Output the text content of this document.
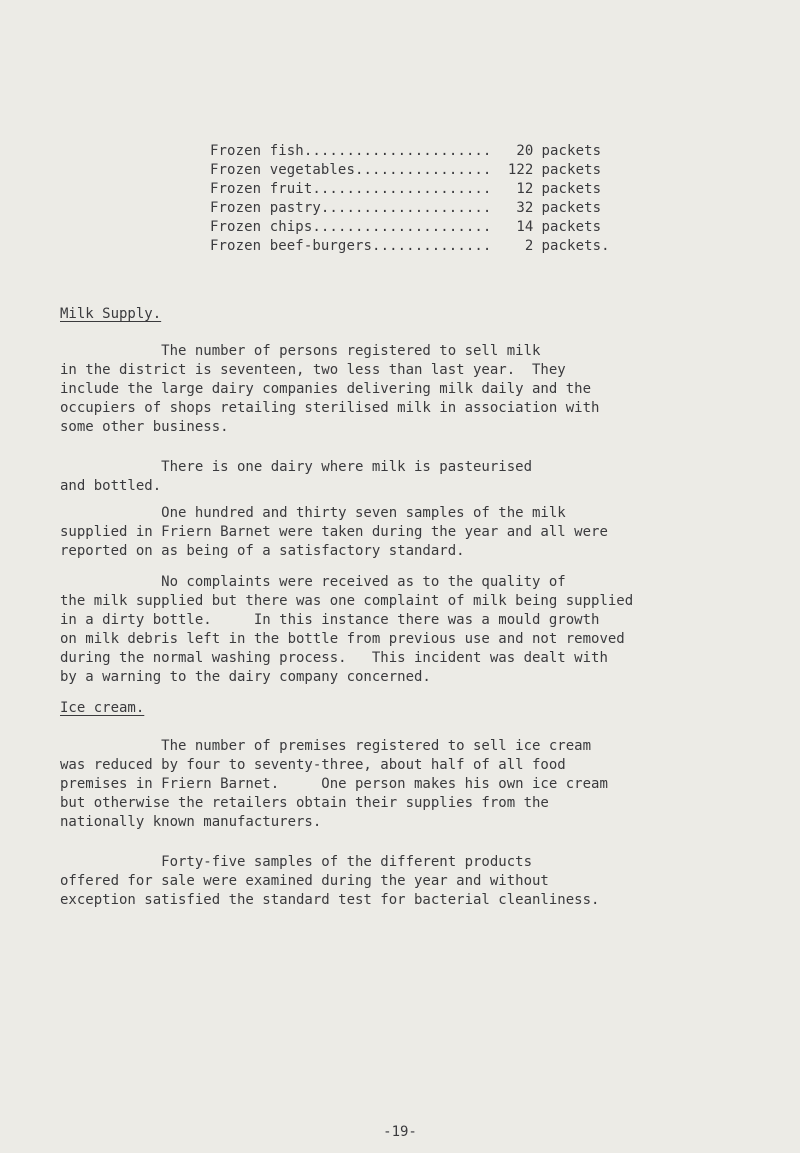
Frozen fish ......................	20 packets
Frozen vegetables ................	122 packets
Frozen fruit .....................	12 packets
Frozen pastry ....................	32 packets
Frozen chips .....................	14 packets
Frozen beef-burgers ..............	2 packets.
Milk Supply.
The number of persons registered to sell milk
in the district is seventeen, two less than last year.  They
include the large dairy companies delivering milk daily and the
occupiers of shops retailing sterilised milk in association with
some other business.
There is one dairy where milk is pasteurised
and bottled.
One hundred and thirty seven samples of the milk
supplied in Friern Barnet were taken during the year and all were
reported on as being of a satisfactory standard.
No complaints were received as to the quality of
the milk supplied but there was one complaint of milk being supplied
in a dirty bottle.     In this instance there was a mould growth
on milk debris left in the bottle from previous use and not removed
during the normal washing process.   This incident was dealt with
by a warning to the dairy company concerned.
Ice cream.
The number of premises registered to sell ice cream
was reduced by four to seventy-three, about half of all food
premises in Friern Barnet.     One person makes his own ice cream
but otherwise the retailers obtain their supplies from the
nationally known manufacturers.
Forty-five samples of the different products
offered for sale were examined during the year and without
exception satisfied the standard test for bacterial cleanliness.
-19-
